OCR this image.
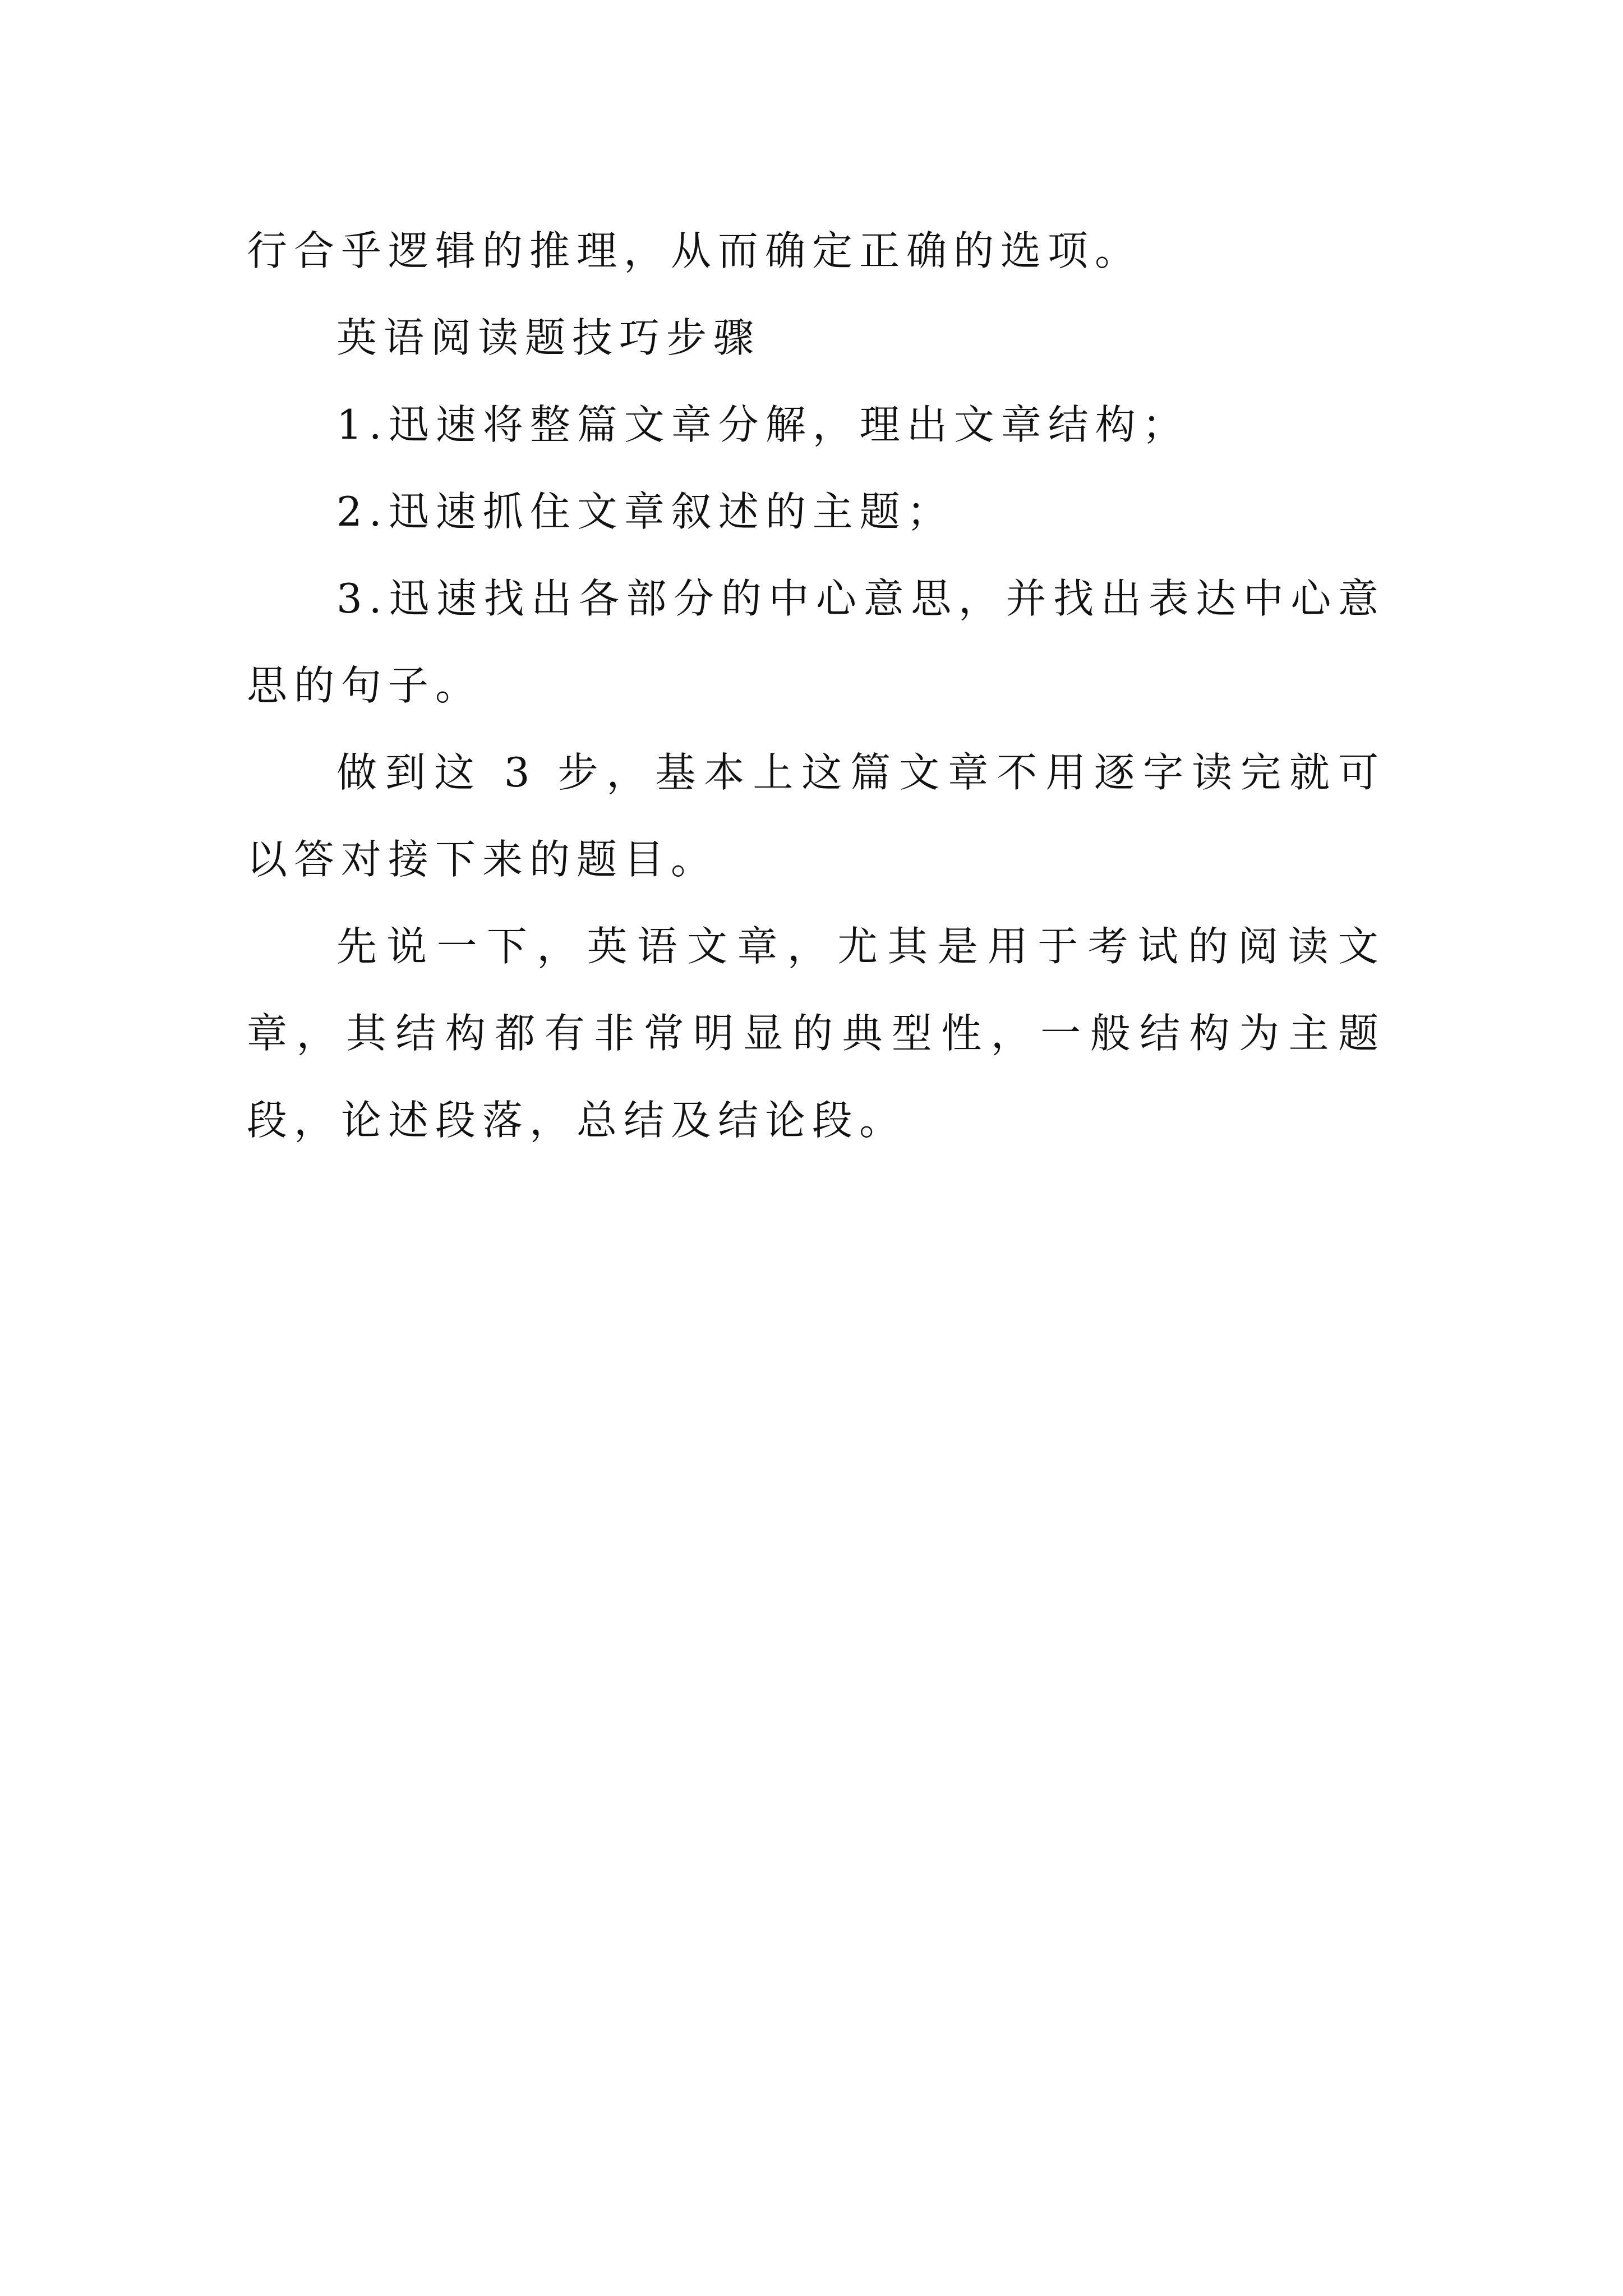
行合乎逻辑的推理，从而确定正确的选项。

英语阅读题技巧步骤

1.迅速将整篇文章分解，理出文章结构；

2.迅速抓住文章叙述的主题；

3.迅速找出各部分的中心意思，并找出表达中心意思的句子。

做到这 3 步，基本上这篇文章不用逐字读完就可以答对接下来的题目。

先说一下，英语文章，尤其是用于考试的阅读文章，其结构都有非常明显的典型性，一般结构为主题段，论述段落，总结及结论段。
